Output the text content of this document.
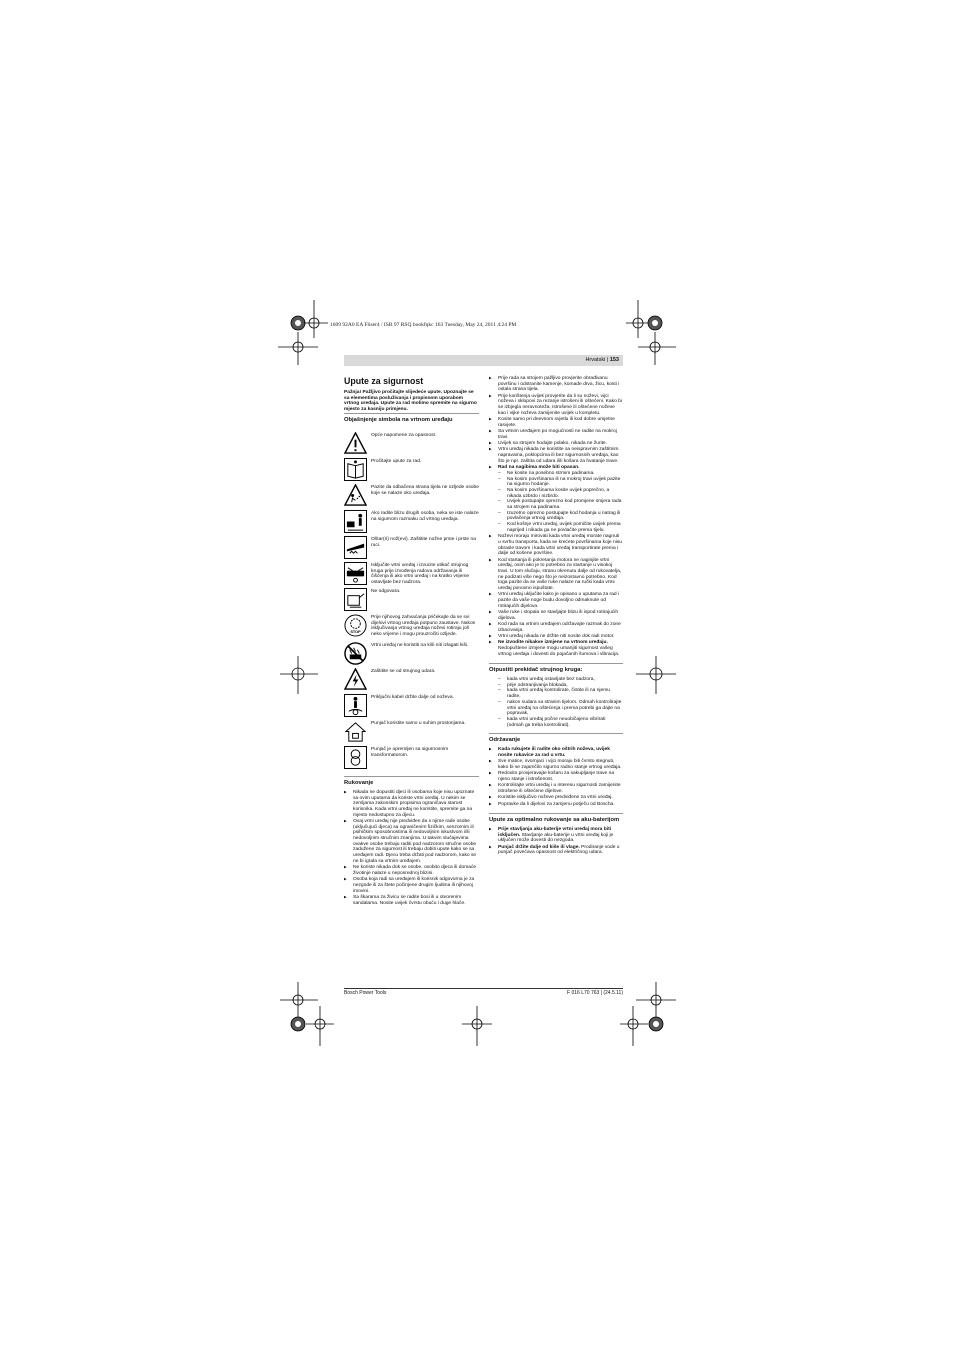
1609 92A0 EA Fliser4 / ISB 97 RSQ bookfqkc 163 Tuesday, May 24, 2011 4:24 PM
Hrvatski | 153
Upute za sigurnost

Pažnja! Pažljivo pročitajte slijedeće upute. Upoznajte se sa elementima posluživanja i propisnom uporabom vrtnog uređaja. Upute za rad molimo spremite na sigurno mjesto za kasniju primjenu.

Objašnjenje simbola na vrtnom uređaju
Opće napomene za opasnost.
Pročitajte upute za rad.
Pazite da odbačena strana tijela ne ozljede osobe koje se nalaze oko uređaja.
Ako radite blizu drugih osoba, neka se iste nalaze na sigurnom razmaku od vrtnog uređaja.
Oštar(ri) nož(evi). Zaštitite nožne prste i prste na ruci.
Isključite vrtni uređaj i izvucite utikač strujnog kruga prije izvođenja radova održavanja ili čišćenja ili ako vrtni uređaj i na kratko vrijeme ostavljate bez nadzora.
Ne odgovara.
STOP
Prije njihovog zahvaćanja pričekajte da se svi dijelovi vrtnog uređaja potpuno zaustave. Nakon isključivanja vrtnog uređaja noževi rotiraju još neko vrijeme i mogu prouzročiti ozljede.
Vrtni uređaj ne koristiti na kiši niti izlagati kiši.
Zaštitite se od strujnog udara.
Priključni kabel držite dalje od noževa.
Punjač koristite samo u suhim prostorijama.
Punjač je opremljen sa sigurnosnim transformatorom.
Rukovanje
▶ Nikada ne dopustiti djeci ili osobama koje nisu upoznate sa ovim uputama da koriste vrtni uređaj. U nekim se zemljama zakonskim propisima ograničava starost korisnika. Kada vrtni uređaj ne koristite, spremite ga na mjesto nedostupno za djecu.
▶ Ovaj vrtni uređaj nije predviđen da s njime rade osobe (uključujući djeca) sa ograničenim fizičkim, senzornim ili psihičkim sposobnostima ili nedovoljnim iskustvom i/ili nedovoljnim stručnim znanjima. U takvim slučajevima ovakve osobe trebaju raditi pod nadzorom stručne osobe zadužene za sigurnost ili trebaju dobiti upute kako se sa uređajem radi. Djecu treba držati pod nadzorom, kako se ne bi igrala sa vrtnim uređajem.
▶ Ne koriste nikada dok se osobe, osobito djeca ili domaće životinje nalaze u neposrednoj blizini.
▶ Osoba koja radi sa uređajem ili korisnik odgovorna je za nezgode ili za štete počinjene drugim ljudima ili njihovoj imovini.
▶ Sa škarama za živicu se radite bosi ili u otvorenim sandalama. Nosite uvijek čvrstu obuću i duge hlače.
▶ Prije rada sa strojem pažljivo provjerite obrađivanu površinu i odstranite kamenje, komade drva, žicu, kosti i ostala strana tijela.
▶ Prije korištenja uvijek provjerite da li su noževi, vijci noževa i sklopovi za rezanje istrošeni ili oštećeni. Kako bi se izbjegla neravnoteža, istrošene ili oštećene noževe kao i vijke noževa zamijenite uvijek u kompletu.
▶ Kosite samo pri dnevnom svjetlu ili kod dobre umjetne rasvjete.
▶ Sa vrtnim uređajem po mogućnosti ne radite na mokroj travi.
▶ Uvijek sa strojem hodajte polako, nikada ne žurite.
▶ Vrtni uređaj nikada ne koristite sa neispravnim zaštitnim napravama, poklopcima ili bez sigurnosnih uređaja, kao što je npr. zaštita od udara i/ili košara za hvatanje trave.
▶ Rad na nagibima može biti opasan.
– Ne kosite na posebno strmim padinama.
– Na kosim površinama ili na mokroj travi uvijek pazite na sigurno hodanje.
– Na kosim površinama kosite uvijek poprečno, a nikada uzbrdo i nizbrdo.
– Uvijek postupajte oprezno kod promjene smjera rada sa strojem na padinama.
– Izuzetno oprezno postupajte kod hodanja u natrag ili povlačenja vrtnog uređaja.
– Kod košnje vrtni uređaj, uvijek pomičite uvijek prema naprijed i nikada ga ne povlačite prema tijelu.
▶ Noževi moraju mirovati kada vrtni uređaj morate nagnuti u svrhu transporta, kada se krećete površinama koje nisu obrasle travom i kada vrtni uređaj transportirate prema i dalje od košene površine.
▶ Kod startanja ili pokretanja motora ne naginjite vrtni uređaj, osim ako je to potrebno za startanje u visokoj travi. U tom slučaju, stranu okrenutu dalje od rukovatelja, ne podizati više nego što je neizostavno potrebno. Kod toga pazite da se vaše ruke nalaze na ručki kada vrtni uređaj ponovno ispuštate.
▶ Vrtni uređaj uključite kako je opisano u uputama za rad i pazite da vaše noge budu dovoljno odmaknute od rotirajućih dijelova.
▶ Vaše ruke i stopala ne stavljajte blizu ili ispod rotirajućih dijelova.
▶ Kod rada sa vrtnim uređajem održavajte razmak do zone izbacivanja.
▶ Vrtni uređaj nikada ne držite niti nosite dok radi motor.
▶ Ne izvodite nikakve izmjene na vrtnom uređaju. Nedopuštene izmjene mogu umanjiti sigurnost vašeg vrtnog uređaja i dovesti do pojačanih šumova i vibracija.
Otpustiti prekidač strujnog kruga:
– kada vrtni uređaj ostavljate bez nadzora,
– prije odstranjivanja blokada,
– kada vrtni uređaj kontrolirate, čistite ili na njemu radite,
– nakon sudara sa stranim tijelom. Odmah kontrolirajte vrtni uređaj na oštećenja i prema potrebi ga dajte na popravak,
– kada vrtni uređaj počne neuobičajeno vibrirati (odmah ga treba kontrolirati).
Održavanje
▶ Kada rukujete ili radite oko oštrih noževa, uvijek nosite rukavice za rad u vrtu.
▶ Sve matice, svornjaci i vijci moraju biti čvrsto stegnuti, kako bi se zajamčilo sigurno radno stanje vrtnog uređaja.
▶ Redovito provjeravajte košaru za sakupljanje trave na njeno stanje i istrošenost.
▶ Kontrolirajte vrtni uređaj i u interesu sigurnosti zamijenite istrošene ili oštećene dijelove.
▶ Koristite isključivo noževe predviđene za vrtni uređaj.
▶ Popravke da li dijelovi za zamjenu potječu od Boscha.
Upute za optimalno rukovanje sa aku-baterijom
▶ Prije stavljanja aku-baterije vrtni uređaj mora biti isključen. Stavljanje aku-baterije u vrtni uređaj koji je uključen može dovesti do nezgoda.
▶ Punjač držite dalje od kiše ili vlage. Prodiranje vode u punjač povećava opasnost od električnog udara.
Bosch Power Tools	F 016 L70 763 | (24.5.11)
